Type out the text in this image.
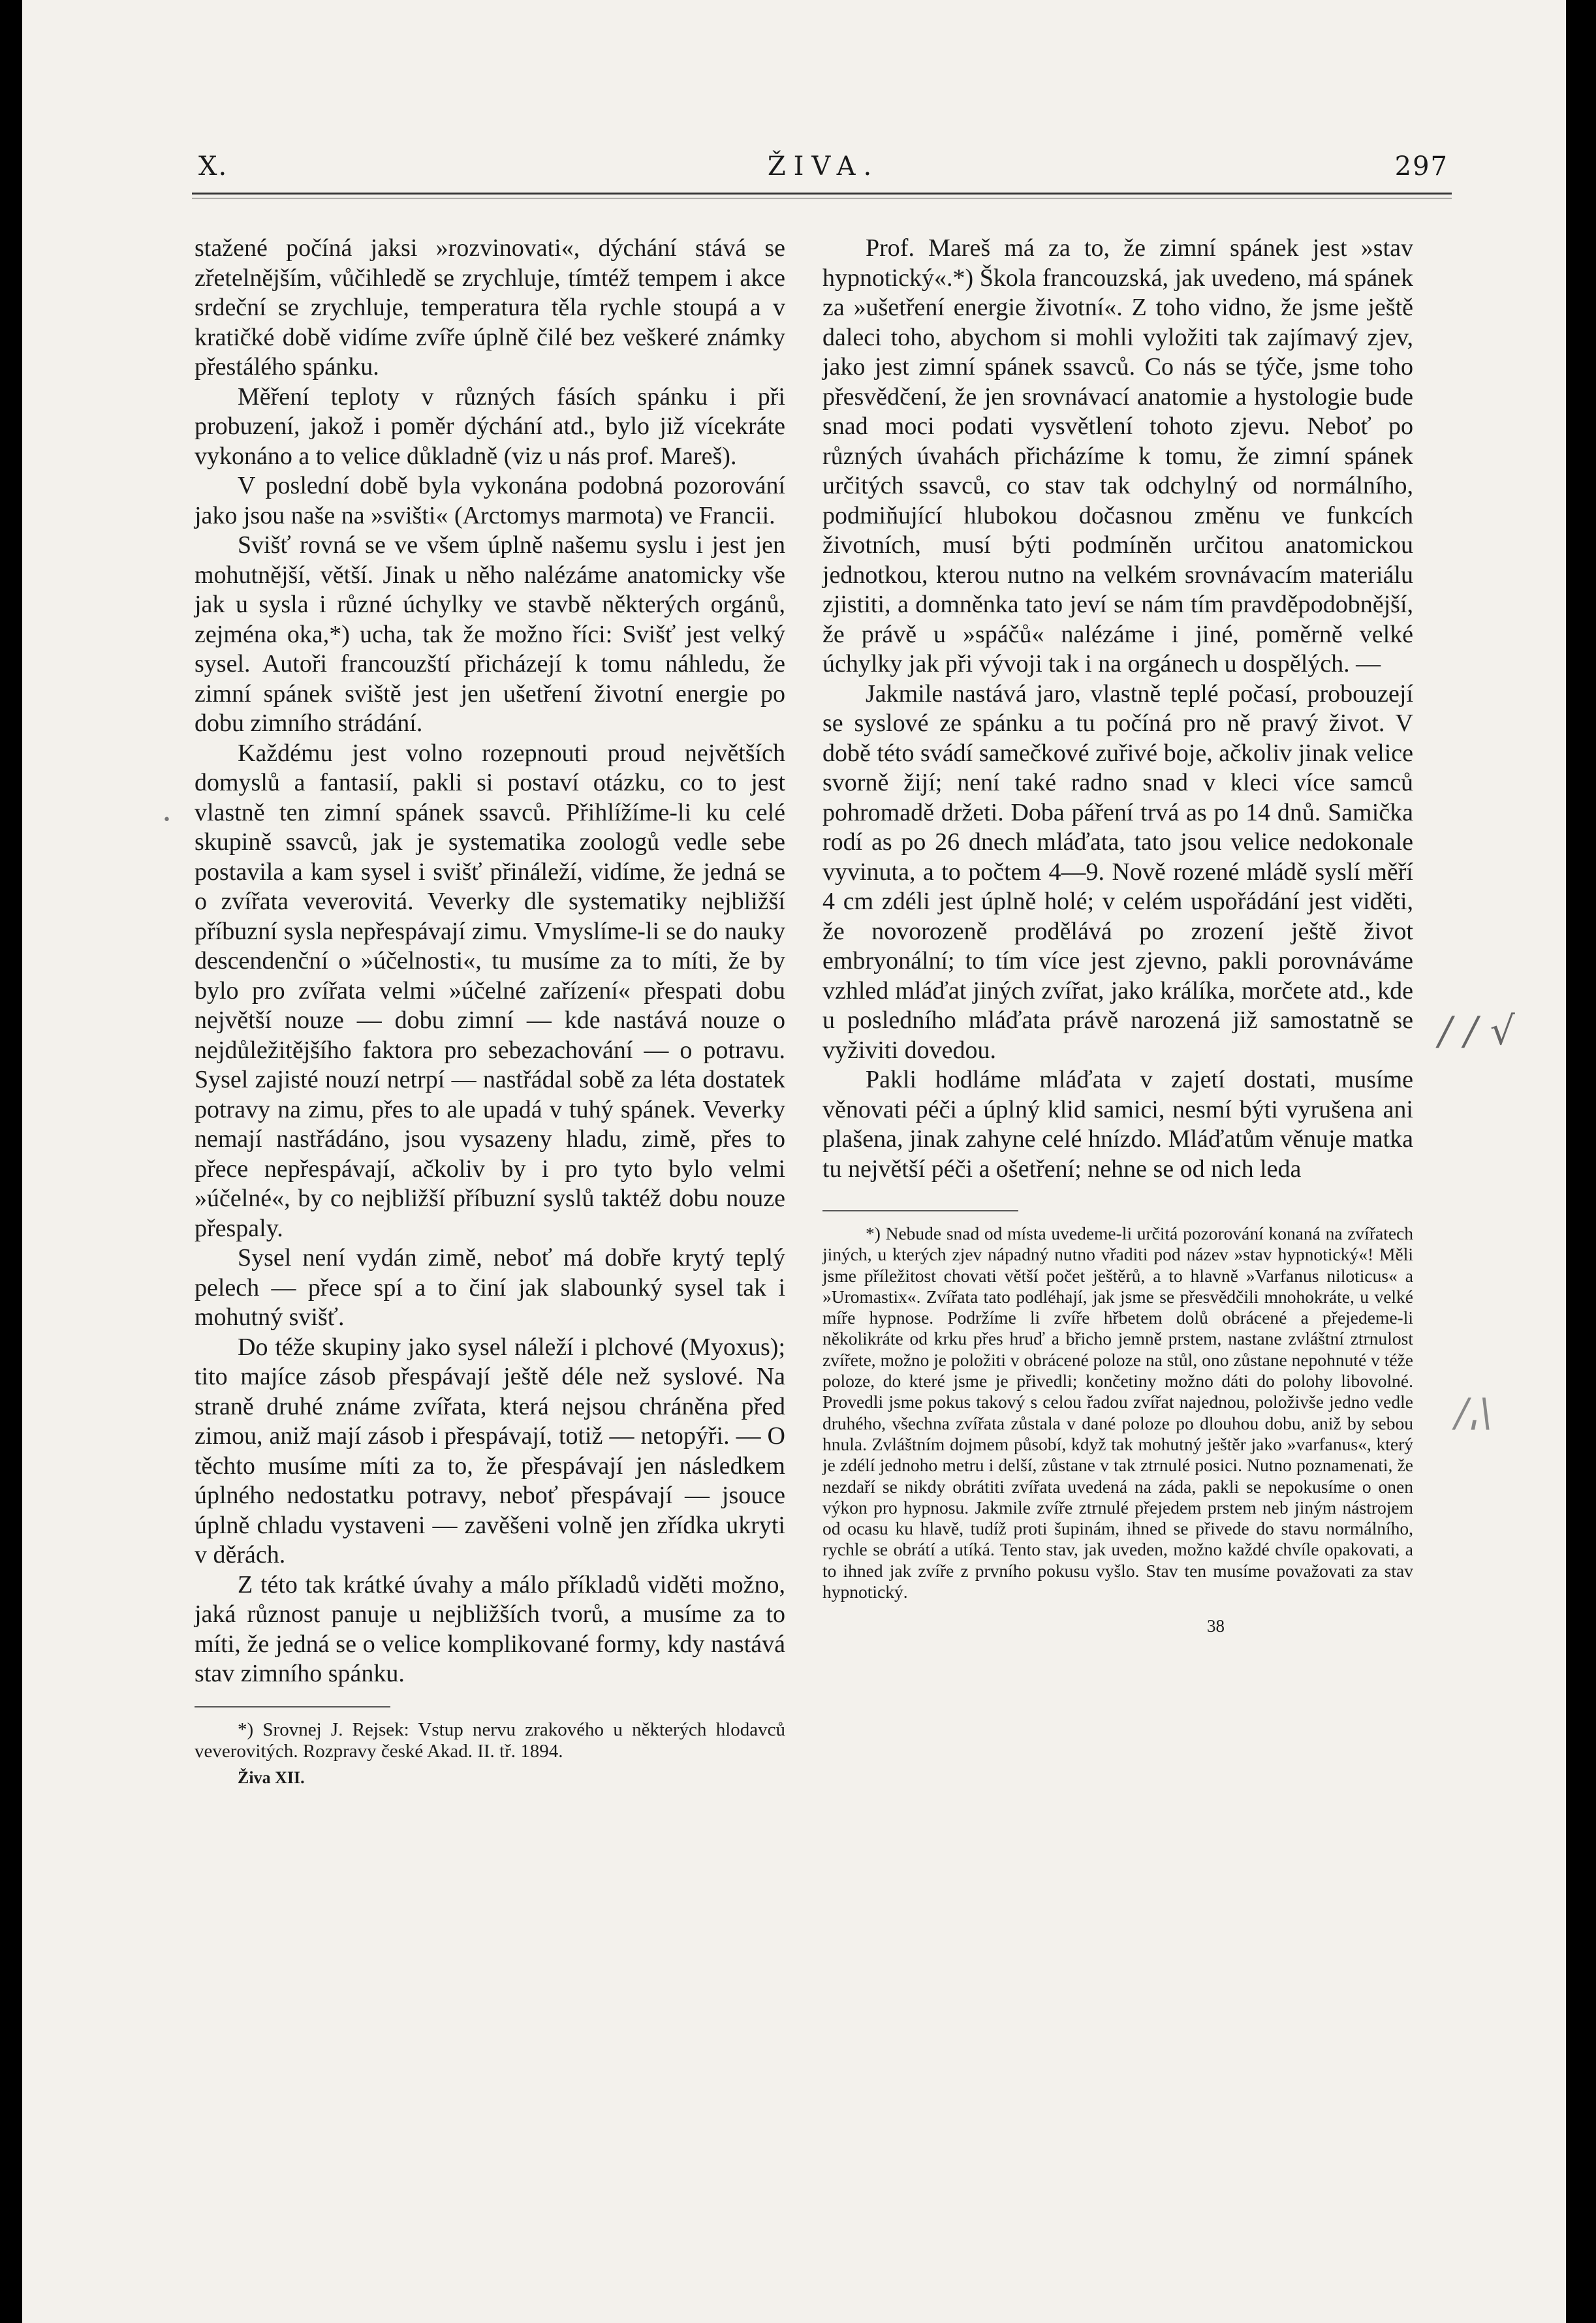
X.	ŽIVA.	297
•

stažené počíná jaksi »rozvinovati«, dýchání stává se zřetelnějším, vůčihledě se zrychluje, tímtéž tempem i akce srdeční se zrychluje, temperatura těla rychle stoupá a v kratičké době vidíme zvíře úplně čilé bez veškeré známky přestálého spánku.

Měření teploty v různých fásích spánku i při probuzení, jakož i poměr dýchání atd., bylo již vícekráte vykonáno a to velice důkladně (viz u nás prof. Mareš).

V poslední době byla vykonána podobná pozorování jako jsou naše na »svišti« (Arctomys marmota) ve Francii.

Svišť rovná se ve všem úplně našemu syslu i jest jen mohutnější, větší. Jinak u něho nalézáme anatomicky vše jak u sysla i různé úchylky ve stavbě některých orgánů, zejména oka,*) ucha, tak že možno říci: Svišť jest velký sysel. Autoři francouzští přicházejí k tomu náhledu, že zimní spánek sviště jest jen ušetření životní energie po dobu zimního strádání.

Každému jest volno rozepnouti proud největších domyslů a fantasií, pakli si postaví otázku, co to jest vlastně ten zimní spánek ssavců. Přihlížíme-li ku celé skupině ssavců, jak je systematika zoologů vedle sebe postavila a kam sysel i svišť přináleží, vidíme, že jedná se o zvířata veverovitá. Veverky dle systematiky nejbližší příbuzní sysla nepřespávají zimu. Vmyslíme-li se do nauky descendenční o »účelnosti«, tu musíme za to míti, že by bylo pro zvířata velmi »účelné zařízení« přespati dobu největší nouze — dobu zimní — kde nastává nouze o nejdůležitějšího faktora pro sebezachování — o potravu. Sysel zajisté nouzí netrpí — nastřádal sobě za léta dostatek potravy na zimu, přes to ale upadá v tuhý spánek. Veverky nemají nastřádáno, jsou vysazeny hladu, zimě, přes to přece nepřespávají, ačkoliv by i pro tyto bylo velmi »účelné«, by co nejbližší příbuzní syslů taktéž dobu nouze přespaly.

Sysel není vydán zimě, neboť má dobře krytý teplý pelech — přece spí a to činí jak slabounký sysel tak i mohutný svišť.

Do téže skupiny jako sysel náleží i plchové (Myoxus); tito majíce zásob přespávají ještě déle než syslové. Na straně druhé známe zvířata, která nejsou chráněna před zimou, aniž mají zásob i přespávají, totiž — netopýři. — O těchto musíme míti za to, že přespávají jen následkem úplného nedostatku potravy, neboť přespávají — jsouce úplně chladu vystaveni — zavěšeni volně jen zřídka ukryti v děrách.

Z této tak krátké úvahy a málo příkladů viděti možno, jaká různost panuje u nejbližších tvorů, a musíme za to míti, že jedná se o velice komplikované formy, kdy nastává stav zimního spánku.

*) Srovnej J. Rejsek: Vstup nervu zrakového u některých hlodavců veverovitých. Rozpravy české Akad. II. tř. 1894.

Živa XII.

Prof. Mareš má za to, že zimní spánek jest »stav hypnotický«.*) Škola francouzská, jak uvedeno, má spánek za »ušetření energie životní«. Z toho vidno, že jsme ještě daleci toho, abychom si mohli vyložiti tak zajímavý zjev, jako jest zimní spánek ssavců. Co nás se týče, jsme toho přesvědčení, že jen srovnávací anatomie a hystologie bude snad moci podati vysvětlení tohoto zjevu. Neboť po různých úvahách přicházíme k tomu, že zimní spánek určitých ssavců, co stav tak odchylný od normálního, podmiňující hlubokou dočasnou změnu ve funkcích životních, musí býti podmíněn určitou anatomickou jednotkou, kterou nutno na velkém srovnávacím materiálu zjistiti, a domněnka tato jeví se nám tím pravděpodobnější, že právě u »spáčů« nalézáme i jiné, poměrně velké úchylky jak při vývoji tak i na orgánech u dospělých. —

Jakmile nastává jaro, vlastně teplé počasí, probouzejí se syslové ze spánku a tu počíná pro ně pravý život. V době této svádí samečkové zuřivé boje, ačkoliv jinak velice svorně žijí; není také radno snad v kleci více samců pohromadě držeti. Doba páření trvá as po 14 dnů. Samička rodí as po 26 dnech mláďata, tato jsou velice nedokonale vyvinuta, a to počtem 4—9. Nově rozené mládě syslí měří 4 cm zdéli jest úplně holé; v celém uspořádání jest viděti, že novorozeně prodělává po zrození ještě život embryonální; to tím více jest zjevno, pakli porovnáváme vzhled mláďat jiných zvířat, jako králíka, morčete atd., kde u posledního mláďata právě narozená již samostatně se vyživiti dovedou.

Pakli hodláme mláďata v zajetí dostati, musíme věnovati péči a úplný klid samici, nesmí býti vyrušena ani plašena, jinak zahyne celé hnízdo. Mláďatům věnuje matka tu největší péči a ošetření; nehne se od nich leda

*) Nebude snad od místa uvedeme-li určitá pozorování konaná na zvířatech jiných, u kterých zjev nápadný nutno vřaditi pod název »stav hypnotický«! Měli jsme příležitost chovati větší počet ještěrů, a to hlavně »Varfanus niloticus« a »Uromastix«. Zvířata tato podléhají, jak jsme se přesvědčili mnohokráte, u velké míře hypnose. Podržíme li zvíře hřbetem dolů obrácené a přejedeme-li několikráte od krku přes hruď a břicho jemně prstem, nastane zvláštní ztrnulost zvířete, možno je položiti v obrácené poloze na stůl, ono zůstane nepohnuté v téže poloze, do které jsme je přivedli; končetiny možno dáti do polohy libovolné. Provedli jsme pokus takový s celou řadou zvířat najednou, položivše jedno vedle druhého, všechna zvířata zůstala v dané poloze po dlouhou dobu, aniž by sebou hnula. Zvláštním dojmem působí, když tak mohutný ještěr jako »varfanus«, který je zdélí jednoho metru i delší, zůstane v tak ztrnulé posici. Nutno poznamenati, že nezdaří se nikdy obrátiti zvířata uvedená na záda, pakli se nepokusíme o onen výkon pro hypnosu. Jakmile zvíře ztrnulé přejedem prstem neb jiným nástrojem od ocasu ku hlavě, tudíž proti šupinám, ihned se přivede do stavu normálního, rychle se obrátí a utíká. Tento stav, jak uveden, možno každé chvíle opakovati, a to ihned jak zvíře z prvního pokusu vyšlo. Stav ten musíme považovati za stav hypnotický.

38
/ / √
/ˌ\
